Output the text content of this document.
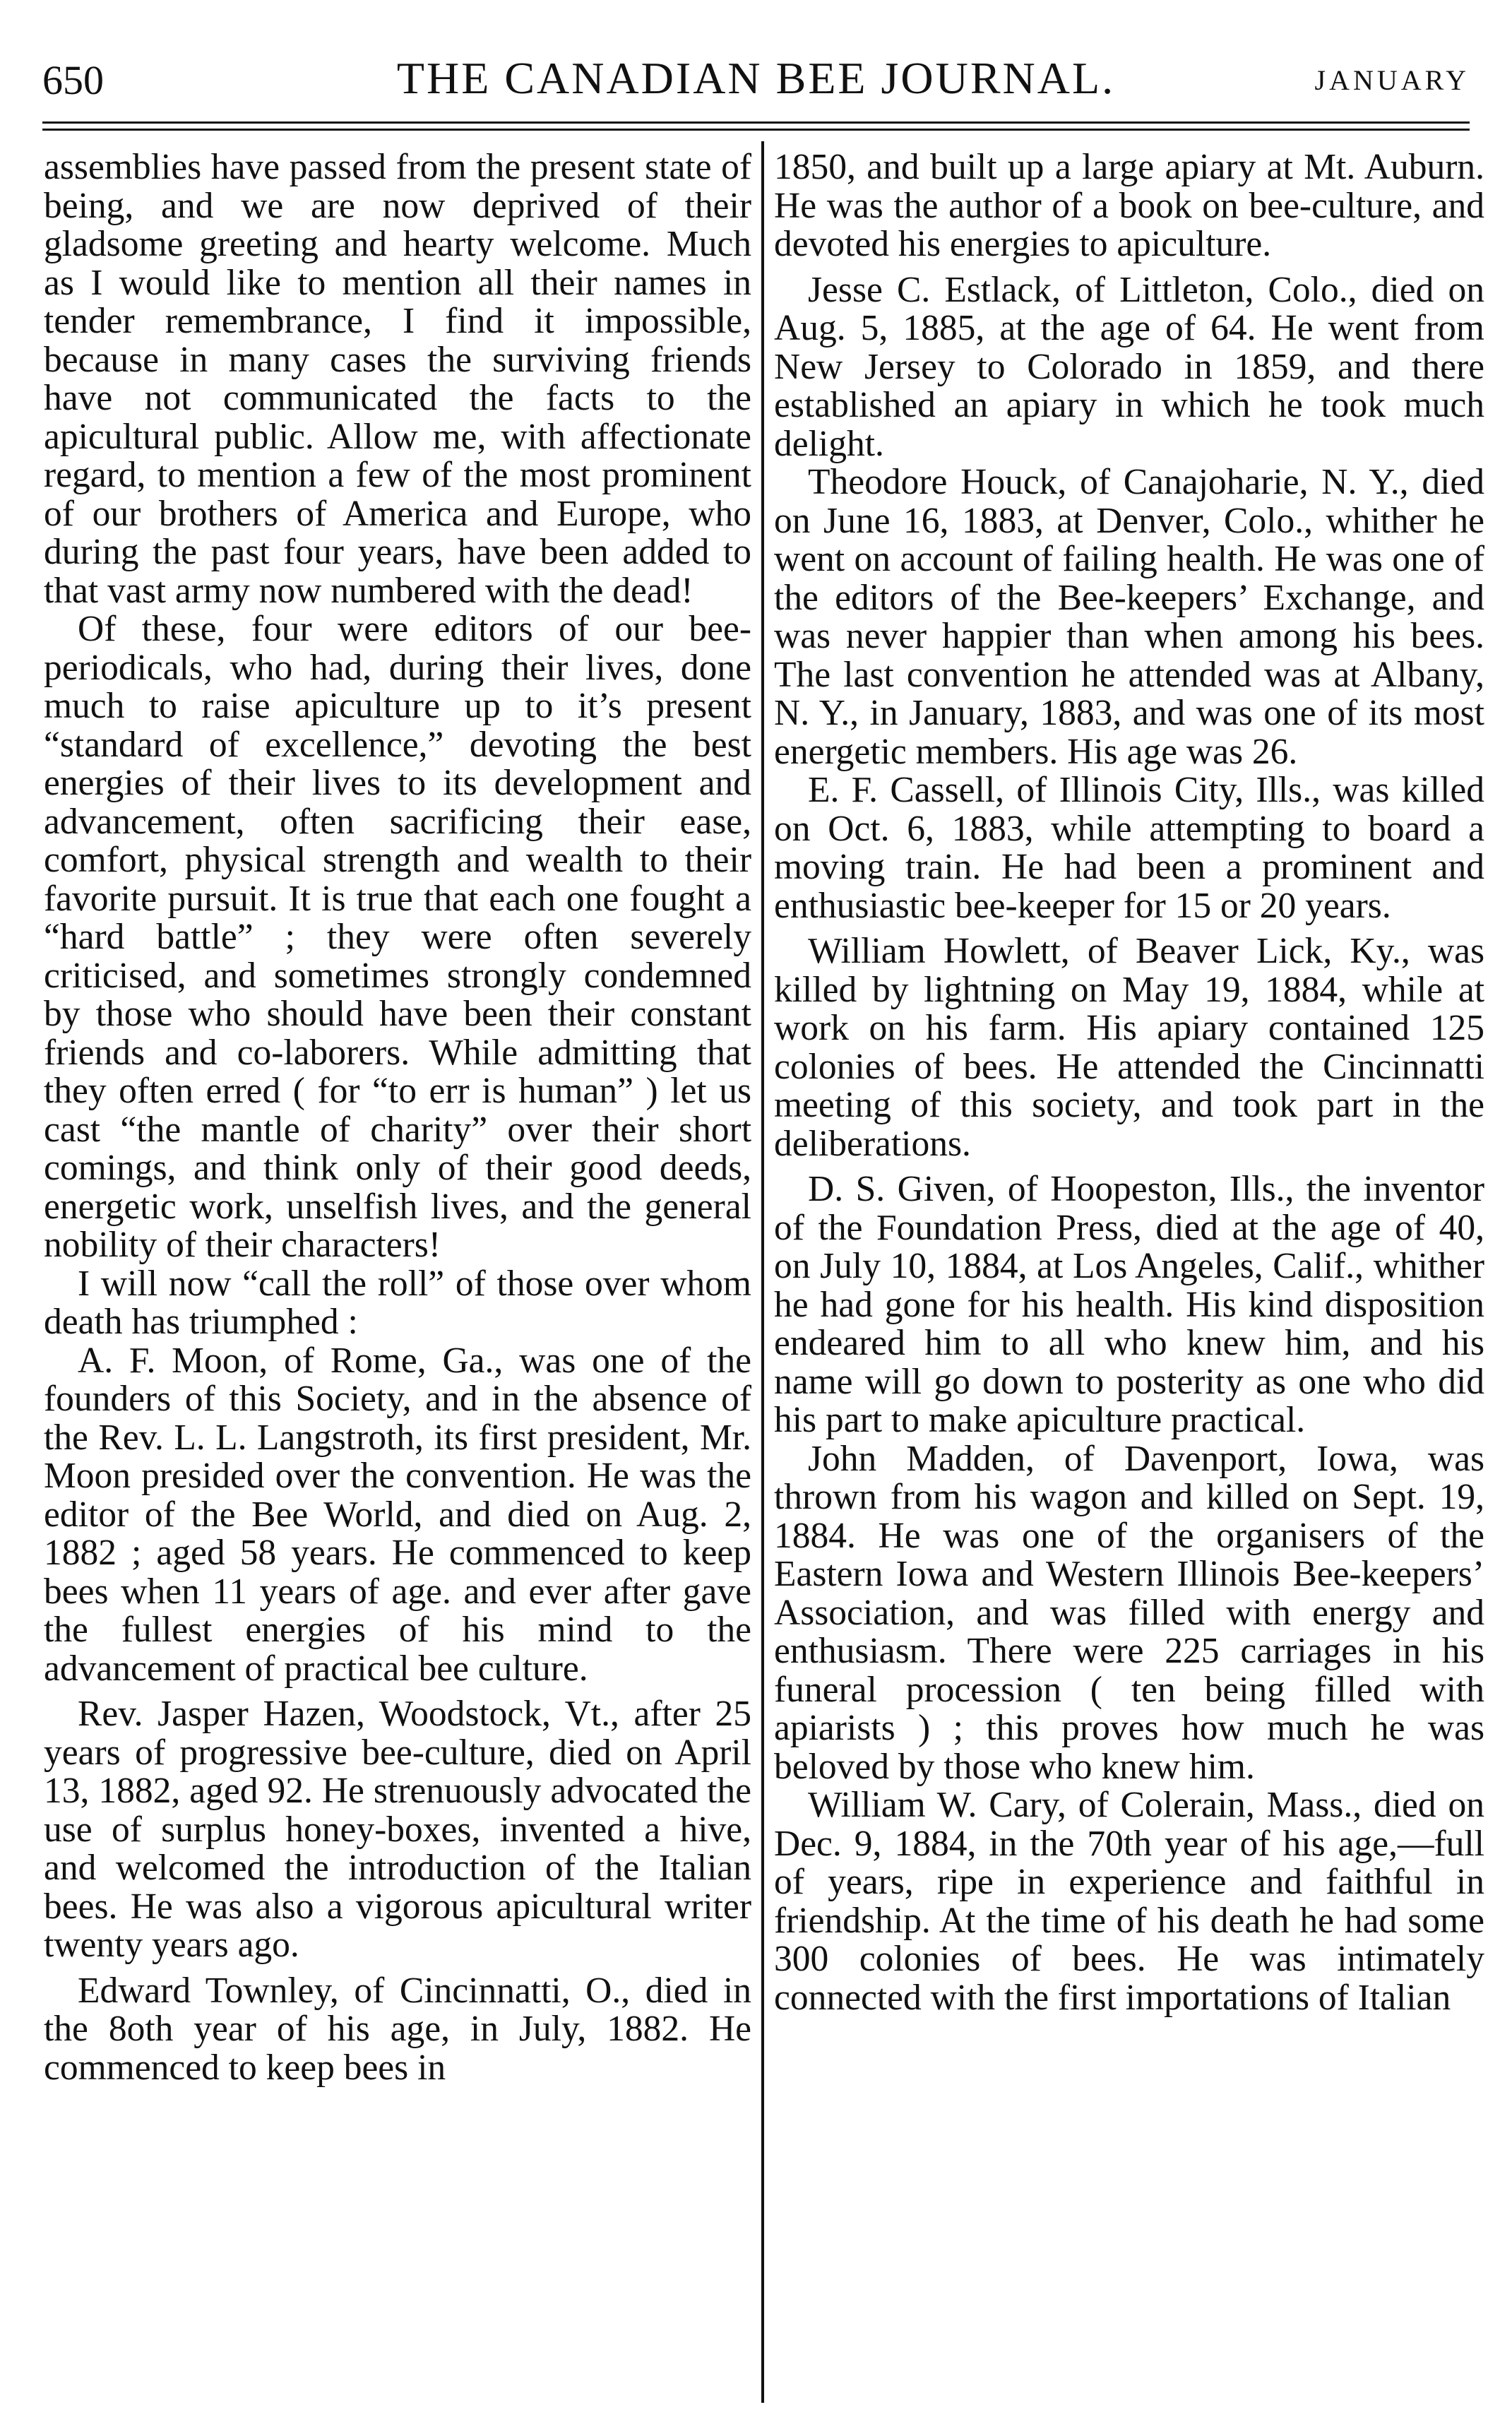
650	THE CANADIAN BEE JOURNAL.	JANUARY

assemblies have passed from the present state of being, and we are now deprived of their gladsome greeting and hearty welcome. Much as I would like to mention all their names in tender remembrance, I find it impossible, because in many cases the surviving friends have not communicated the facts to the apicultural public. Allow me, with affectionate regard, to mention a few of the most prominent of our brothers of America and Europe, who during the past four years, have been added to that vast army now numbered with the dead!

Of these, four were editors of our bee-periodicals, who had, during their lives, done much to raise apiculture up to it’s present “standard of excellence,” devoting the best energies of their lives to its development and advancement, often sacrificing their ease, comfort, physical strength and wealth to their favorite pursuit. It is true that each one fought a “hard battle” ; they were often severely criticised, and sometimes strongly condemned by those who should have been their constant friends and co-laborers. While admitting that they often erred ( for “to err is human” ) let us cast “the mantle of charity” over their short comings, and think only of their good deeds, energetic work, unselfish lives, and the general nobility of their characters!

I will now “call the roll” of those over whom death has triumphed :

A. F. Moon, of Rome, Ga., was one of the founders of this Society, and in the absence of the Rev. L. L. Langstroth, its first president, Mr. Moon presided over the convention. He was the editor of the Bee World, and died on Aug. 2, 1882 ; aged 58 years. He commenced to keep bees when 11 years of age. and ever after gave the fullest energies of his mind to the advancement of practical bee culture.

Rev. Jasper Hazen, Woodstock, Vt., after 25 years of progressive bee-culture, died on April 13, 1882, aged 92. He strenuously advocated the use of surplus honey-boxes, invented a hive, and welcomed the introduction of the Italian bees. He was also a vigorous apicultural writer twenty years ago.

Edward Townley, of Cincinnatti, O., died in the 8oth year of his age, in July, 1882. He commenced to keep bees in

1850, and built up a large apiary at Mt. Auburn. He was the author of a book on bee-culture, and devoted his energies to apiculture.

Jesse C. Estlack, of Littleton, Colo., died on Aug. 5, 1885, at the age of 64. He went from New Jersey to Colorado in 1859, and there established an apiary in which he took much delight.

Theodore Houck, of Canajoharie, N. Y., died on June 16, 1883, at Denver, Colo., whither he went on account of failing health. He was one of the editors of the Bee-keepers’ Exchange, and was never happier than when among his bees. The last convention he attended was at Albany, N. Y., in January, 1883, and was one of its most energetic members. His age was 26.

E. F. Cassell, of Illinois City, Ills., was killed on Oct. 6, 1883, while attempting to board a moving train. He had been a prominent and enthusiastic bee-keeper for 15 or 20 years.

William Howlett, of Beaver Lick, Ky., was killed by lightning on May 19, 1884, while at work on his farm. His apiary contained 125 colonies of bees. He attended the Cincinnatti meeting of this society, and took part in the deliberations.

D. S. Given, of Hoopeston, Ills., the inventor of the Foundation Press, died at the age of 40, on July 10, 1884, at Los Angeles, Calif., whither he had gone for his health. His kind disposition endeared him to all who knew him, and his name will go down to posterity as one who did his part to make apiculture practical.

John Madden, of Davenport, Iowa, was thrown from his wagon and killed on Sept. 19, 1884. He was one of the organisers of the Eastern Iowa and Western Illinois Bee-keepers’ Association, and was filled with energy and enthusiasm. There were 225 carriages in his funeral procession ( ten being filled with apiarists ) ; this proves how much he was beloved by those who knew him.

William W. Cary, of Colerain, Mass., died on Dec. 9, 1884, in the 70th year of his age,—full of years, ripe in experience and faithful in friendship. At the time of his death he had some 300 colonies of bees. He was intimately connected with the first importations of Italian
